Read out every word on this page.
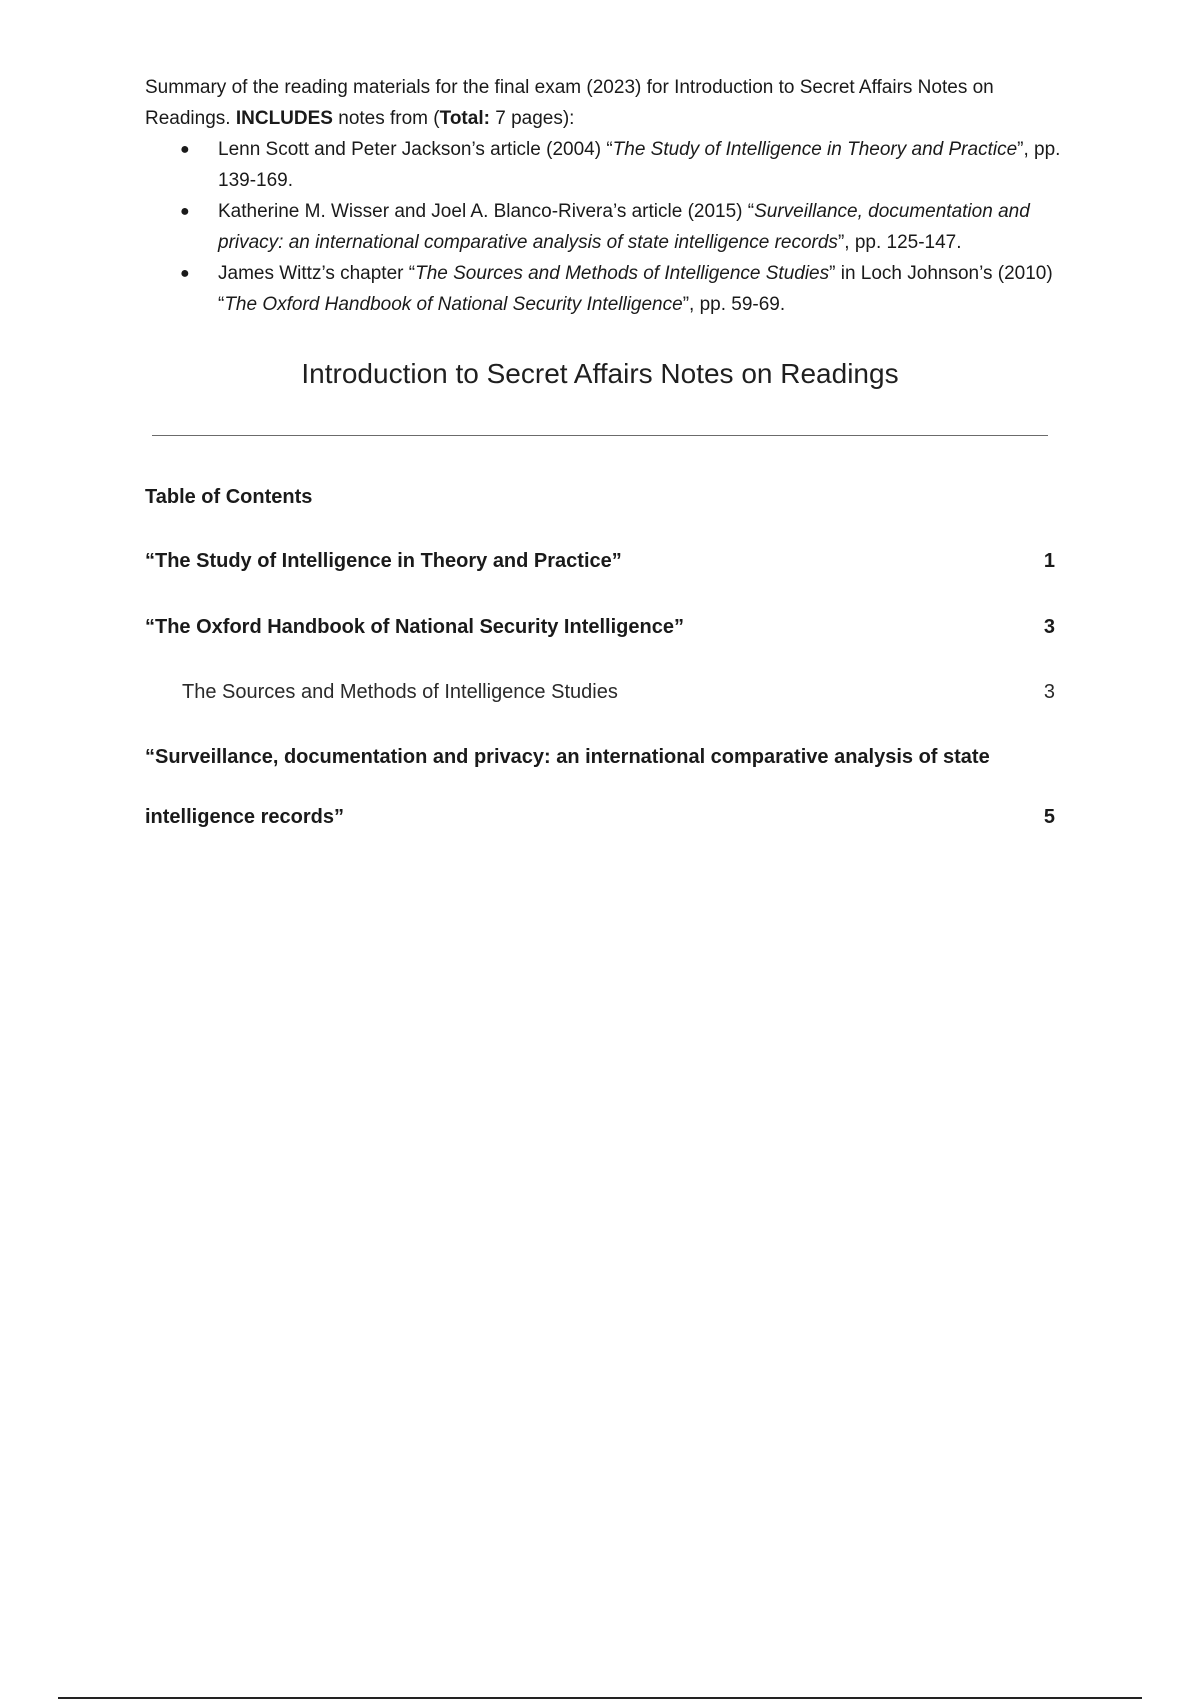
Summary of the reading materials for the final exam (2023) for Introduction to Secret Affairs Notes on Readings. INCLUDES notes from (Total: 7 pages):

● Lenn Scott and Peter Jackson’s article (2004) “The Study of Intelligence in Theory and Practice”, pp. 139-169.
● Katherine M. Wisser and Joel A. Blanco-Rivera’s article (2015) “Surveillance, documentation and privacy: an international comparative analysis of state intelligence records”, pp. 125-147.
● James Wittz’s chapter “The Sources and Methods of Intelligence Studies” in Loch Johnson’s (2010) “The Oxford Handbook of National Security Intelligence”, pp. 59-69.
Introduction to Secret Affairs Notes on Readings
Table of Contents
“The Study of Intelligence in Theory and Practice”	1
“The Oxford Handbook of National Security Intelligence”	3
The Sources and Methods of Intelligence Studies	3
“Surveillance, documentation and privacy: an international comparative analysis of state
intelligence records”	5
